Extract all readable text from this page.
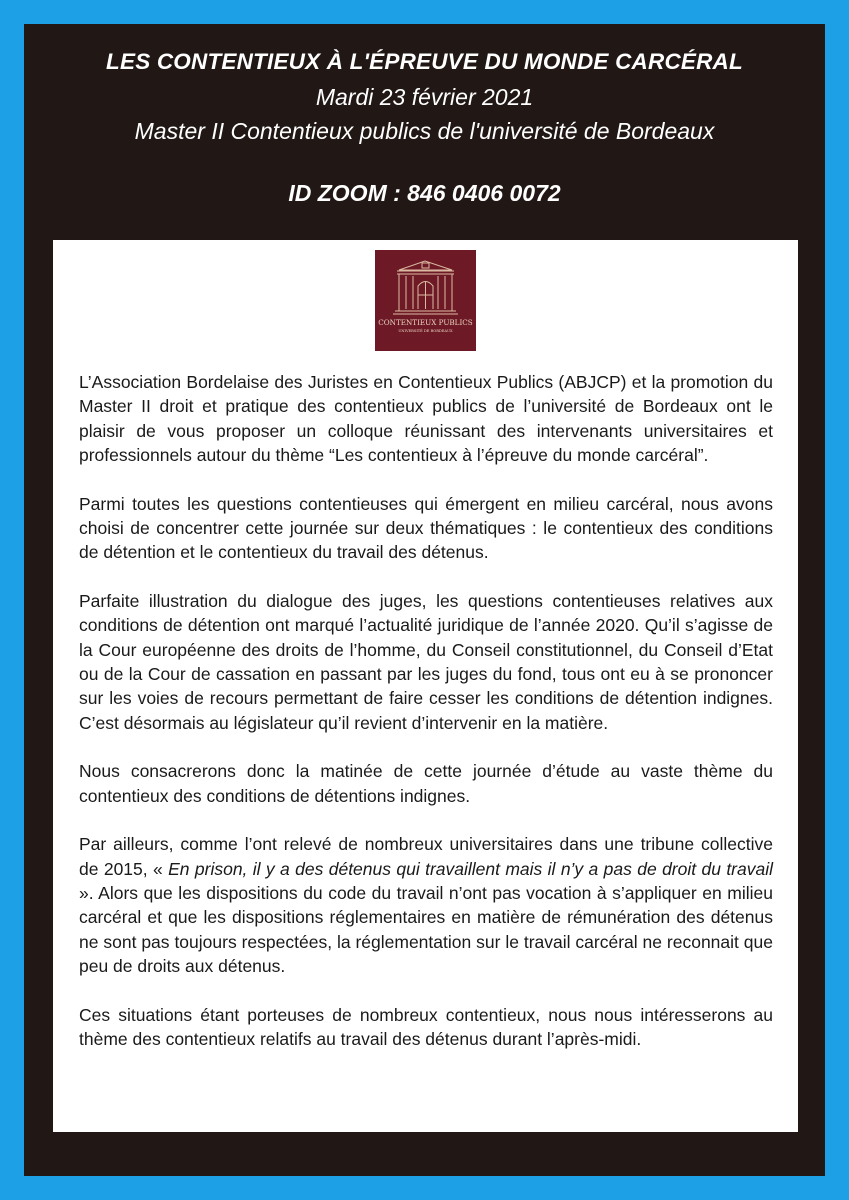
LES CONTENTIEUX À L'ÉPREUVE DU MONDE CARCÉRAL
Mardi 23 février 2021
Master II Contentieux publics de l'université de Bordeaux
ID ZOOM : 846 0406 0072
CONTENTIEUX PUBLICS
UNIVERSITÉ DE BORDEAUX

L’Association Bordelaise des Juristes en Contentieux Publics (ABJCP) et la promotion du Master II droit et pratique des contentieux publics de l’université de Bordeaux ont le plaisir de vous proposer un colloque réunissant des intervenants universitaires et professionnels autour du thème “Les contentieux à l’épreuve du monde carcéral”.

Parmi toutes les questions contentieuses qui émergent en milieu carcéral, nous avons choisi de concentrer cette journée sur deux thématiques : le contentieux des conditions de détention et le contentieux du travail des détenus.

Parfaite illustration du dialogue des juges, les questions contentieuses relatives aux conditions de détention ont marqué l’actualité juridique de l’année 2020. Qu’il s’agisse de la Cour européenne des droits de l’homme, du Conseil constitutionnel, du Conseil d’Etat ou de la Cour de cassation en passant par les juges du fond, tous ont eu à se prononcer sur les voies de recours permettant de faire cesser les conditions de détention indignes. C’est désormais au législateur qu’il revient d’intervenir en la matière.

Nous consacrerons donc la matinée de cette journée d’étude au vaste thème du contentieux des conditions de détentions indignes.

Par ailleurs, comme l’ont relevé de nombreux universitaires dans une tribune collective de 2015, « En prison, il y a des détenus qui travaillent mais il n’y a pas de droit du travail ». Alors que les dispositions du code du travail n’ont pas vocation à s’appliquer en milieu carcéral et que les dispositions réglementaires en matière de rémunération des détenus ne sont pas toujours respectées, la réglementation sur le travail carcéral ne reconnait que peu de droits aux détenus.

Ces situations étant porteuses de nombreux contentieux, nous nous intéresserons au thème des contentieux relatifs au travail des détenus durant l’après-midi.
